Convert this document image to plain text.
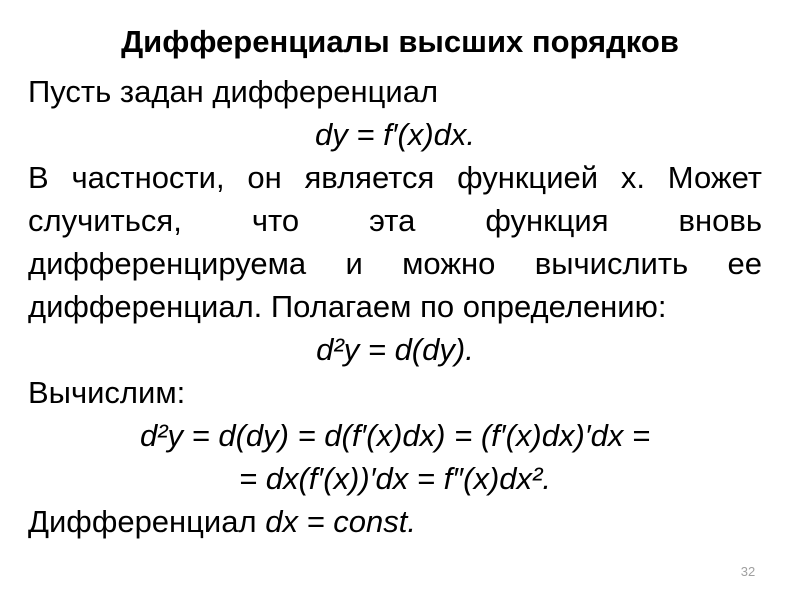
Дифференциалы высших порядков
Пусть задан дифференциал
dy = f′(x)dx.
В частности, он является функцией x. Может
случиться, что эта функция вновь
дифференцируема и можно вычислить ее
дифференциал. Полагаем по определению:
d²y = d(dy).
Вычислим:
d²y = d(dy) = d(f′(x)dx) = (f′(x)dx)′dx =
= dx(f′(x))′dx = f″(x)dx².
Дифференциал dx = const.
32
